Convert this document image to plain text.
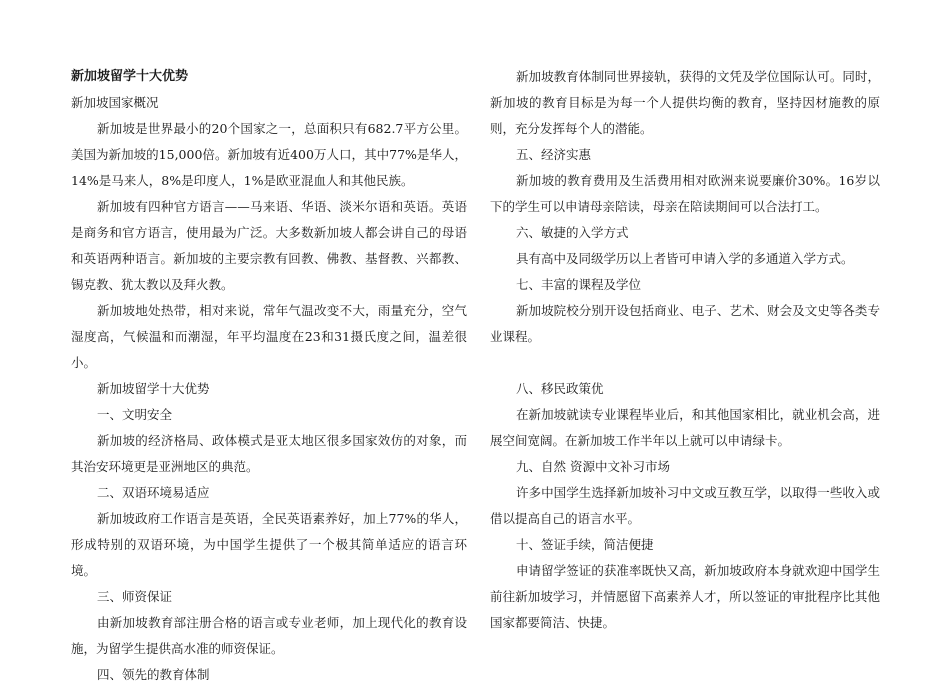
新加坡留学十大优势

新加坡国家概况

新加坡是世界最小的20个国家之一，总面积只有682.7平方公里。美国为新加坡的15,000倍。新加坡有近400万人口，其中77%是华人，14%是马来人，8%是印度人，1%是欧亚混血人和其他民族。

新加坡有四种官方语言——马来语、华语、淡米尔语和英语。英语是商务和官方语言，使用最为广泛。大多数新加坡人都会讲自己的母语和英语两种语言。新加坡的主要宗教有回教、佛教、基督教、兴都教、锡克教、犹太教以及拜火教。

新加坡地处热带，相对来说，常年气温改变不大，雨量充分，空气湿度高，气候温和而潮湿，年平均温度在23和31摄氏度之间，温差很小。

新加坡留学十大优势

一、文明安全

新加坡的经济格局、政体模式是亚太地区很多国家效仿的对象，而其治安环境更是亚洲地区的典范。

二、双语环境易适应

新加坡政府工作语言是英语，全民英语素养好，加上77%的华人，形成特别的双语环境，为中国学生提供了一个极其简单适应的语言环境。

三、师资保证

由新加坡教育部注册合格的语言或专业老师，加上现代化的教育设施，为留学生提供高水准的师资保证。

四、领先的教育体制

新加坡教育体制同世界接轨，获得的文凭及学位国际认可。同时，新加坡的教育目标是为每一个人提供均衡的教育，坚持因材施教的原则，充分发挥每个人的潜能。

五、经济实惠

新加坡的教育费用及生活费用相对欧洲来说要廉价30%。16岁以下的学生可以申请母亲陪读，母亲在陪读期间可以合法打工。

六、敏捷的入学方式

具有高中及同级学历以上者皆可申请入学的多通道入学方式。

七、丰富的课程及学位

新加坡院校分别开设包括商业、电子、艺术、财会及文史等各类专业课程。

八、移民政策优

在新加坡就读专业课程毕业后，和其他国家相比，就业机会高，进展空间宽阔。在新加坡工作半年以上就可以申请绿卡。

九、自然 资源中文补习市场

许多中国学生选择新加坡补习中文或互教互学，以取得一些收入或借以提高自己的语言水平。

十、签证手续，简洁便捷

申请留学签证的获准率既快又高，新加坡政府本身就欢迎中国学生前往新加坡学习，并情愿留下高素养人才，所以签证的审批程序比其他国家都要简洁、快捷。
